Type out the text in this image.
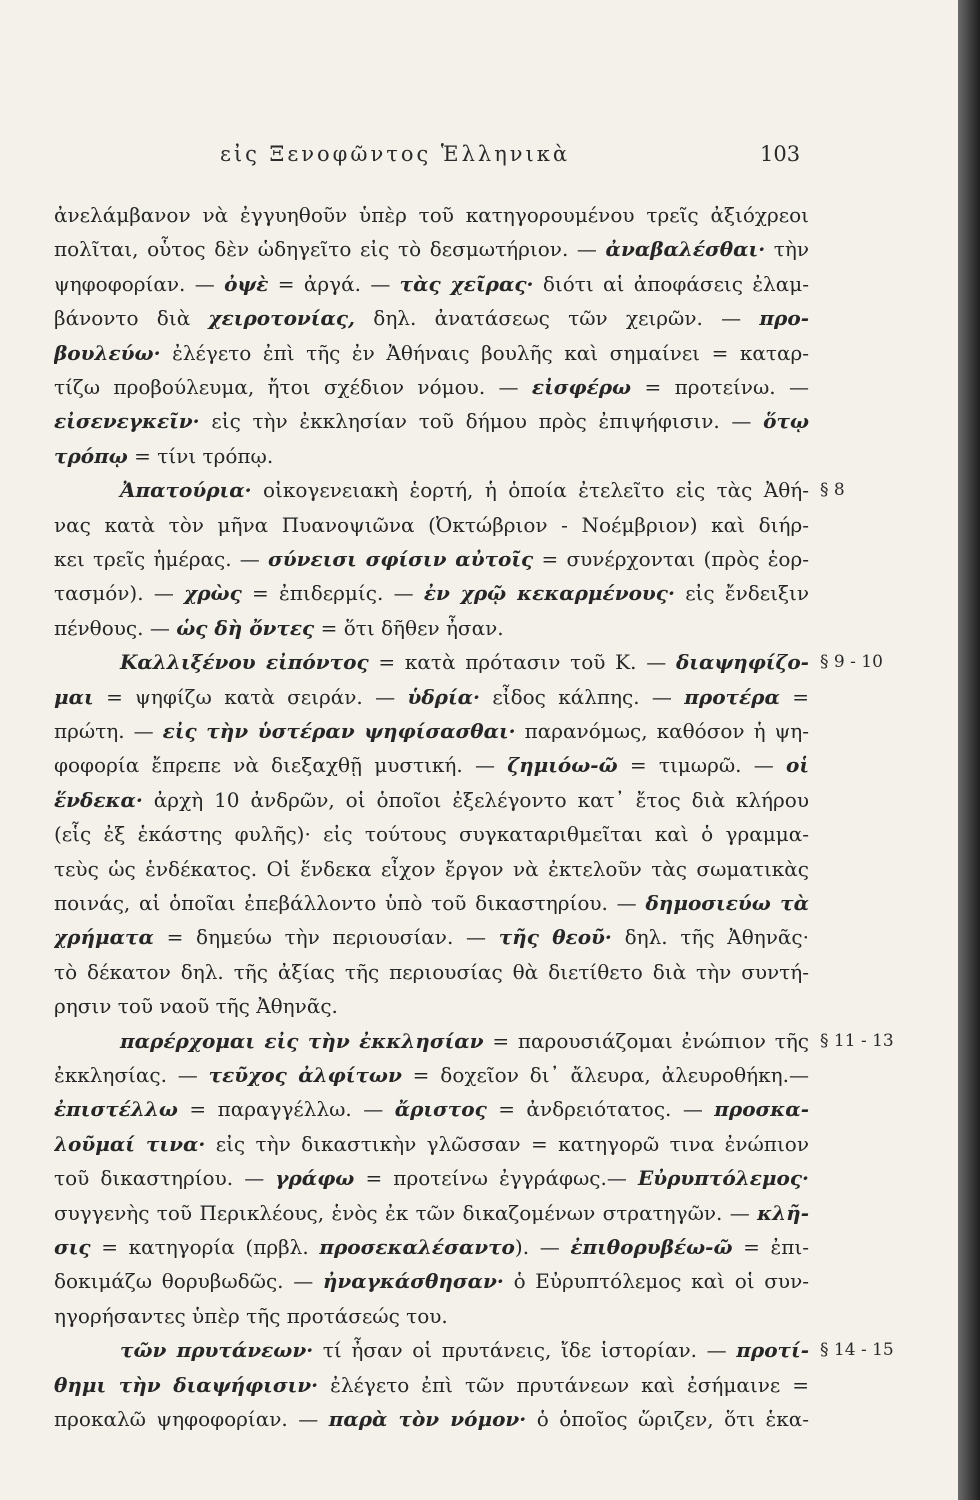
εἰς Ξενοφῶντος Ἑλληνικὰ	103
ἀνελάμβανον νὰ ἐγγυηθοῦν ὑπὲρ τοῦ κατηγορουμένου τρεῖς ἀξιόχρεοι
πολῖται, οὗτος δὲν ὡδηγεῖτο εἰς τὸ δεσμωτήριον. — ἀναβαλέσθαι· τὴν
ψηφοφορίαν. — ὀψὲ = ἀργά. — τὰς χεῖρας· διότι αἱ ἀποφάσεις ἐλαμ-
βάνοντο διὰ χειροτονίας, δηλ. ἀνατάσεως τῶν χειρῶν. — προ-
βουλεύω· ἐλέγετο ἐπὶ τῆς ἐν Ἀθήναις βουλῆς καὶ σημαίνει = καταρ-
τίζω προβούλευμα, ἤτοι σχέδιον νόμου. — εἰσφέρω = προτείνω. —
εἰσενεγκεῖν· εἰς τὴν ἐκκλησίαν τοῦ δήμου πρὸς ἐπιψήφισιν. — ὅτῳ
τρόπῳ = τίνι τρόπῳ.
Ἀπατούρια· οἰκογενειακὴ ἑορτή, ἡ ὁποία ἐτελεῖτο εἰς τὰς Ἀθή-
νας κατὰ τὸν μῆνα Πυανοψιῶνα (Ὀκτώβριον - Νοέμβριον) καὶ διήρ-
κει τρεῖς ἡμέρας. — σύνεισι σφίσιν αὐτοῖς = συνέρχονται (πρὸς ἑορ-
τασμόν). — χρὼς = ἐπιδερμίς. — ἐν χρῷ κεκαρμένους· εἰς ἔνδειξιν
πένθους. — ὡς δὴ ὄντες = ὅτι δῆθεν ἦσαν.
Καλλιξένου εἰπόντος = κατὰ πρότασιν τοῦ Κ. — διαψηφίζο-
μαι = ψηφίζω κατὰ σειράν. — ὑδρία· εἶδος κάλπης. — προτέρα =
πρώτη. — εἰς τὴν ὑστέραν ψηφίσασθαι· παρανόμως, καθόσον ἡ ψη-
φοφορία ἔπρεπε νὰ διεξαχθῇ μυστική. — ζημιόω-ῶ = τιμωρῶ. — οἱ
ἕνδεκα· ἀρχὴ 10 ἀνδρῶν, οἱ ὁποῖοι ἐξελέγοντο κατ᾿ ἔτος διὰ κλήρου
(εἷς ἐξ ἑκάστης φυλῆς)· εἰς τούτους συγκαταριθμεῖται καὶ ὁ γραμμα-
τεὺς ὡς ἑνδέκατος. Οἱ ἕνδεκα εἶχον ἔργον νὰ ἐκτελοῦν τὰς σωματικὰς
ποινάς, αἱ ὁποῖαι ἐπεβάλλοντο ὑπὸ τοῦ δικαστηρίου. — δημοσιεύω τὰ
χρήματα = δημεύω τὴν περιουσίαν. — τῆς θεοῦ· δηλ. τῆς Ἀθηνᾶς·
τὸ δέκατον δηλ. τῆς ἀξίας τῆς περιουσίας θὰ διετίθετο διὰ τὴν συντή-
ρησιν τοῦ ναοῦ τῆς Ἀθηνᾶς.
παρέρχομαι εἰς τὴν ἐκκλησίαν = παρουσιάζομαι ἐνώπιον τῆς
ἐκκλησίας. — τεῦχος ἀλφίτων = δοχεῖον δι᾿ ἄλευρα, ἀλευροθήκη.—
ἐπιστέλλω = παραγγέλλω. — ἄριστος = ἀνδρειότατος. — προσκα-
λοῦμαί τινα· εἰς τὴν δικαστικὴν γλῶσσαν = κατηγορῶ τινα ἐνώπιον
τοῦ δικαστηρίου. — γράφω = προτείνω ἐγγράφως.— Εὐρυπτόλεμος·
συγγενὴς τοῦ Περικλέους, ἑνὸς ἐκ τῶν δικαζομένων στρατηγῶν. — κλῆ-
σις = κατηγορία (πρβλ. προσεκαλέσαντο). — ἐπιθορυβέω-ῶ = ἐπι-
δοκιμάζω θορυβωδῶς. — ἠναγκάσθησαν· ὁ Εὐρυπτόλεμος καὶ οἱ συν-
ηγορήσαντες ὑπὲρ τῆς προτάσεώς του.
τῶν πρυτάνεων· τί ἦσαν οἱ πρυτάνεις, ἴδε ἱστορίαν. — προτί-
θημι τὴν διαψήφισιν· ἐλέγετο ἐπὶ τῶν πρυτάνεων καὶ ἐσήμαινε =
προκαλῶ ψηφοφορίαν. — παρὰ τὸν νόμον· ὁ ὁποῖος ὥριζεν, ὅτι ἑκα-
§ 8
§ 9 - 10
§ 11 - 13
§ 14 - 15
